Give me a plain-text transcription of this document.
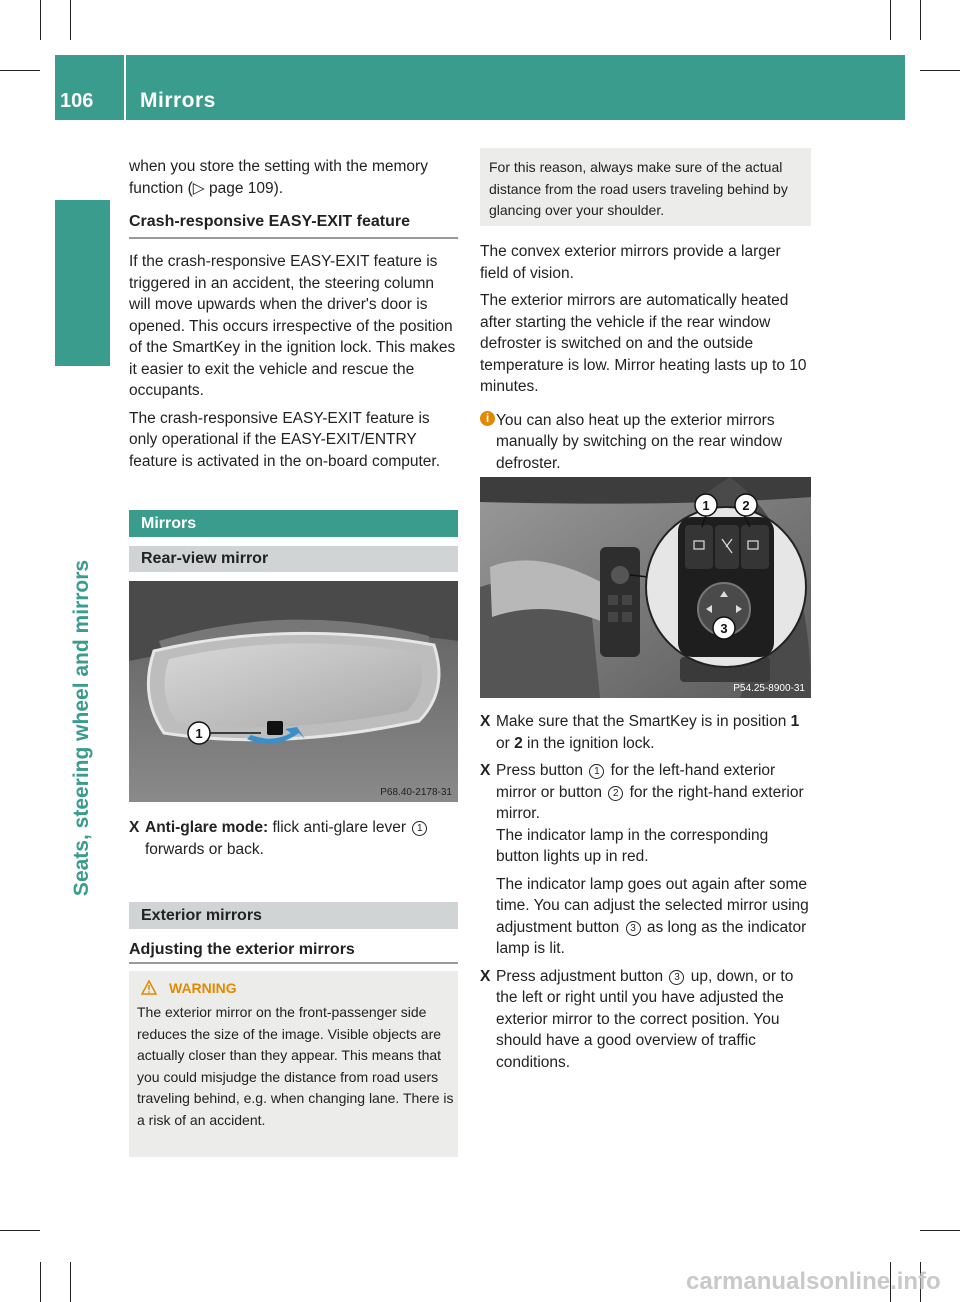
106 Mirrors
Seats, steering wheel and mirrors

when you store the setting with the memory function (▷ page 109).

Crash-responsive EASY-EXIT feature

If the crash-responsive EASY-EXIT feature is triggered in an accident, the steering column will move upwards when the driver's door is opened. This occurs irrespective of the position of the SmartKey in the ignition lock. This makes it easier to exit the vehicle and rescue the occupants.

The crash-responsive EASY-EXIT feature is only operational if the EASY-EXIT/ENTRY feature is activated in the on-board computer.

Mirrors
Rear-view mirror
1
P68.40-2178-31
X Anti-glare mode: flick anti-glare lever 1 forwards or back.
Exterior mirrors
Adjusting the exterior mirrors
WARNING

The exterior mirror on the front-passenger side reduces the size of the image. Visible objects are actually closer than they appear. This means that you could misjudge the distance from road users traveling behind, e.g. when changing lane. There is a risk of an accident.

For this reason, always make sure of the actual distance from the road users traveling behind by glancing over your shoulder.

The convex exterior mirrors provide a larger field of vision.

The exterior mirrors are automatically heated after starting the vehicle if the rear window defroster is switched on and the outside temperature is low. Mirror heating lasts up to 10 minutes.

i You can also heat up the exterior mirrors manually by switching on the rear window defroster.
1	2
3
P54.25-8900-31
X Make sure that the SmartKey is in position 1 or 2 in the ignition lock.
X Press button 1 for the left-hand exterior mirror or button 2 for the right-hand exterior mirror.

The indicator lamp in the corresponding button lights up in red.

The indicator lamp goes out again after some time. You can adjust the selected mirror using adjustment button 3 as long as the indicator lamp is lit.

X Press adjustment button 3 up, down, or to the left or right until you have adjusted the exterior mirror to the correct position. You should have a good overview of traffic conditions.
carmanualsonline.info
